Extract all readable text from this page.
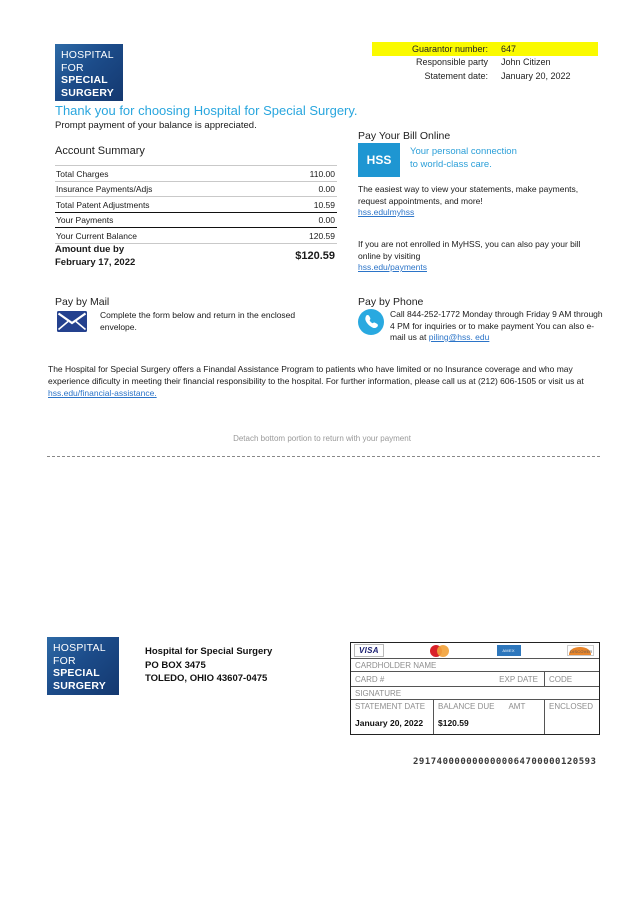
HOSPITAL
FOR
SPECIAL
SURGERY
Guarantor number: 647
Responsible party John Citizen
Statement date: January 20, 2022
Thank you for choosing Hospital for Special Surgery.
Prompt payment of your balance is appreciated.
Account Summary
Total Charges	110.00
Insurance Payments/Adjs	0.00
Total Patent Adjustments	10.59
Your Payments	0.00
Your Current Balance	120.59
Amount due by
February 17, 2022
$120.59
Pay Your Bill Online
HSS
Your personal connection
to world-class care.
The easiest way to view your statements, make payments, request appointments, and more!
hss.edulmyhss
If you are not enrolled in MyHSS, you can also pay your bill online by visiting
hss.edu/payments
Pay by Mail
Complete the form below and return in the enclosed envelope.
Pay by Phone
Call 844-252-1772 Monday through Friday 9 AM through 4 PM for inquiries or to make payment You can also e-mail us at piling@hss. edu
The Hospital for Special Surgery offers a Finandal Assistance Program to patients who have limited or no Insurance coverage and who may experience dificulty in meeting their financial responsibility to the hospital. For further information, please call us at (212) 606-1505 or visit us at hss.edu/financial-assistance.
Detach bottom portion to return with your payment
HOSPITAL
FOR
SPECIAL
SURGERY
Hospital for Special Surgery
PO BOX 3475
TOLEDO, OHIO 43607-0475
VISA	AMEX	DISCOVER
CARDHOLDER NAME
CARD #	EXP DATE	CODE
SIGNATURE
STATEMENT DATE
January 20, 2022
BALANCE DUE AMT
$120.59
ENCLOSED
2917400000000000064700000120593
